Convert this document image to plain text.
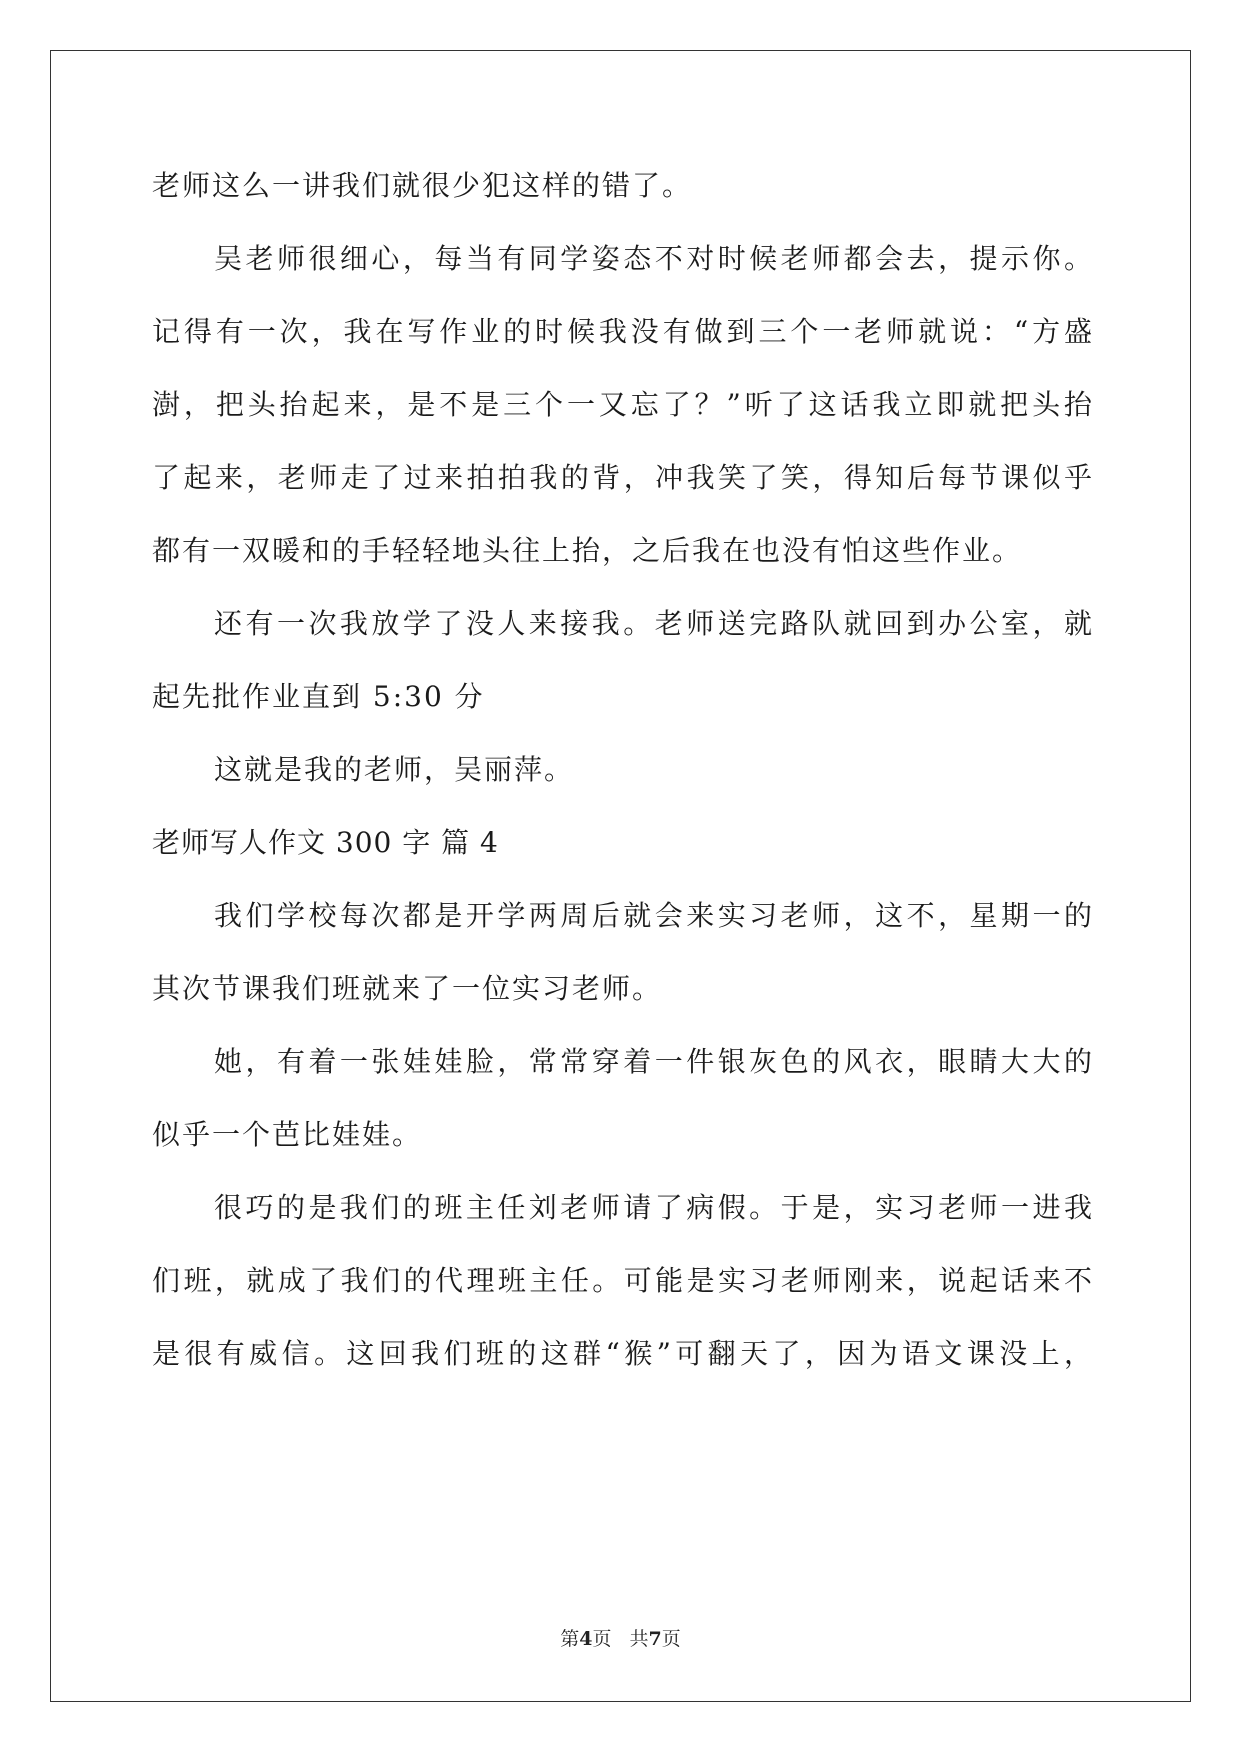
老师这么一讲我们就很少犯这样的错了。
吴老师很细心，每当有同学姿态不对时候老师都会去，提示你。
记得有一次，我在写作业的时候我没有做到三个一老师就说：“方盛
澍，把头抬起来，是不是三个一又忘了？”听了这话我立即就把头抬
了起来，老师走了过来拍拍我的背，冲我笑了笑，得知后每节课似乎
都有一双暖和的手轻轻地头往上抬，之后我在也没有怕这些作业。
还有一次我放学了没人来接我。老师送完路队就回到办公室，就
起先批作业直到 5:30 分
这就是我的老师，吴丽萍。
老师写人作文 300 字 篇 4
我们学校每次都是开学两周后就会来实习老师，这不，星期一的
其次节课我们班就来了一位实习老师。
她，有着一张娃娃脸，常常穿着一件银灰色的风衣，眼睛大大的
似乎一个芭比娃娃。
很巧的是我们的班主任刘老师请了病假。于是，实习老师一进我
们班，就成了我们的代理班主任。可能是实习老师刚来，说起话来不
是很有威信。这回我们班的这群“猴”可翻天了，因为语文课没上，
第4页 共7页
